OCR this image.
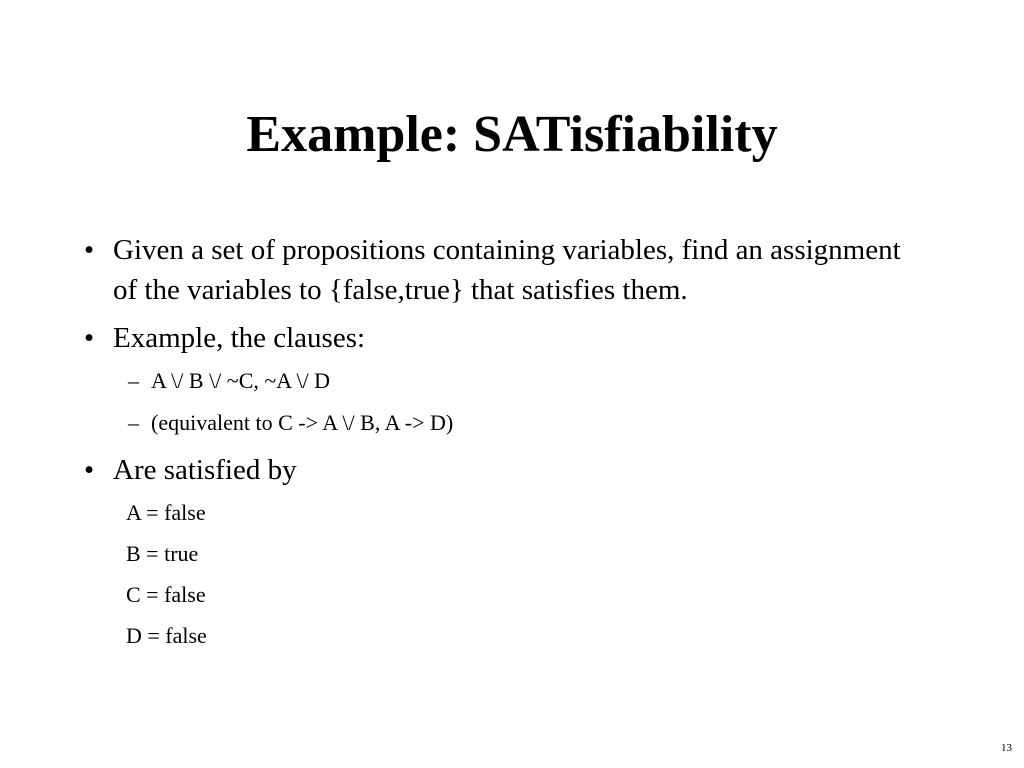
Example: SATisfiability
• Given a set of propositions containing variables, find an assignment of the variables to {false,true} that satisfies them.
• Example, the clauses:
– A \/ B \/ ~C, ~A \/ D
– (equivalent to C -> A \/ B, A -> D)
• Are satisfied by
A = false
B = true
C = false
D = false
13
